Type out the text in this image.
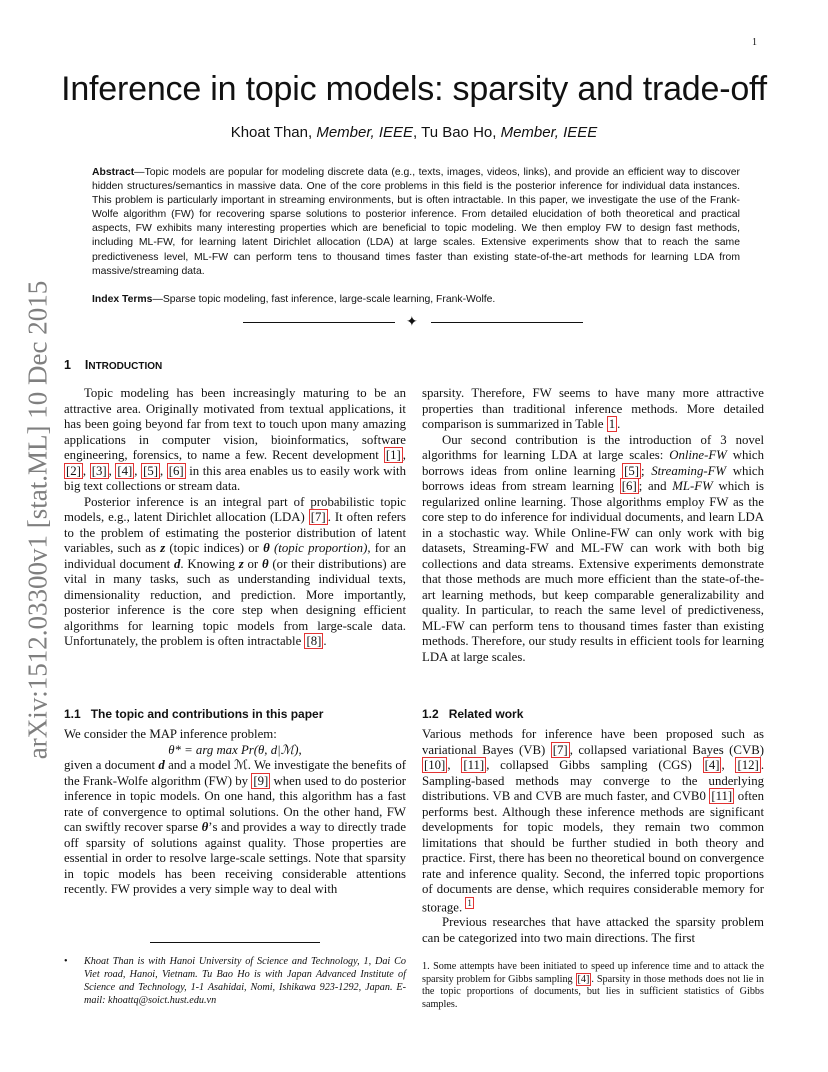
1
Inference in topic models: sparsity and trade-off
Khoat Than, Member, IEEE, Tu Bao Ho, Member, IEEE
Abstract—Topic models are popular for modeling discrete data (e.g., texts, images, videos, links), and provide an efficient way to discover hidden structures/semantics in massive data. One of the core problems in this field is the posterior inference for individual data instances. This problem is particularly important in streaming environments, but is often intractable. In this paper, we investigate the use of the Frank-Wolfe algorithm (FW) for recovering sparse solutions to posterior inference. From detailed elucidation of both theoretical and practical aspects, FW exhibits many interesting properties which are beneficial to topic modeling. We then employ FW to design fast methods, including ML-FW, for learning latent Dirichlet allocation (LDA) at large scales. Extensive experiments show that to reach the same predictiveness level, ML-FW can perform tens to thousand times faster than existing state-of-the-art methods for learning LDA from massive/streaming data.
Index Terms—Sparse topic modeling, fast inference, large-scale learning, Frank-Wolfe.
✦
arXiv:1512.03300v1 [stat.ML] 10 Dec 2015 1 INTRODUCTION

Topic modeling has been increasingly maturing to be an attractive area. Originally motivated from textual applications, it has been going beyond far from text to touch upon many amazing applications in computer vision, bioinformatics, software engineering, forensics, to name a few. Recent development [1] , [2] , [3] , [4] , [5] , [6] in this area enables us to easily work with big text collections or stream data.

Posterior inference is an integral part of probabilistic topic models, e.g., latent Dirichlet allocation (LDA) [7] . It often refers to the problem of estimating the posterior distribution of latent variables, such as z (topic indices) or θ (topic proportion), for an individual document d. Knowing z or θ (or their distributions) are vital in many tasks, such as understanding individual texts, dimensionality reduction, and prediction. More importantly, posterior inference is the core step when designing efficient algorithms for learning topic models from large-scale data. Unfortunately, the problem is often intractable [8] .

1.1 The topic and contributions in this paper

We consider the MAP inference problem:

θ* = arg max Pr(θ, d|ℳ),

given a document d and a model ℳ. We investigate the benefits of the Frank-Wolfe algorithm (FW) by [9] when used to do posterior inference in topic models. On one hand, this algorithm has a fast rate of convergence to optimal solutions. On the other hand, FW can swiftly recover sparse θ’s and provides a way to directly trade off sparsity of solutions against quality. Those properties are essential in order to resolve large-scale settings. Note that sparsity in topic models has been receiving considerable attentions recently. FW provides a very simple way to deal with

• Khoat Than is with Hanoi University of Science and Technology, 1, Dai Co Viet road, Hanoi, Vietnam. Tu Bao Ho is with Japan Advanced Institute of Science and Technology, 1-1 Asahidai, Nomi, Ishikawa 923-1292, Japan. E-mail: khoattq@soict.hust.edu.vn

sparsity. Therefore, FW seems to have many more attractive properties than traditional inference methods. More detailed comparison is summarized in Table 1 .

Our second contribution is the introduction of 3 novel algorithms for learning LDA at large scales: Online-FW which borrows ideas from online learning [5] ; Streaming-FW which borrows ideas from stream learning [6] ; and ML-FW which is regularized online learning. Those algorithms employ FW as the core step to do inference for individual documents, and learn LDA in a stochastic way. While Online-FW can only work with big datasets, Streaming-FW and ML-FW can work with both big collections and data streams. Extensive experiments demonstrate that those methods are much more efficient than the state-of-the-art learning methods, but keep comparable generalizability and quality. In particular, to reach the same level of predictiveness, ML-FW can perform tens to thousand times faster than existing methods. Therefore, our study results in efficient tools for learning LDA at large scales.

1.2 Related work

Various methods for inference have been proposed such as variational Bayes (VB) [7] , collapsed variational Bayes (CVB) [10] , [11] , collapsed Gibbs sampling (CGS) [4] , [12] . Sampling-based methods may converge to the underlying distributions. VB and CVB are much faster, and CVB0 [11] often performs best. Although these inference methods are significant developments for topic models, they remain two common limitations that should be further studied in both theory and practice. First, there has been no theoretical bound on convergence rate and inference quality. Second, the inferred topic proportions of documents are dense, which requires considerable memory for storage. $^1$

Previous researches that have attacked the sparsity problem can be categorized into two main directions. The first

1. Some attempts have been initiated to speed up inference time and to attack the sparsity problem for Gibbs sampling [4] . Sparsity in those methods does not lie in the topic proportions of documents, but lies in sufficient statistics of Gibbs samples.
